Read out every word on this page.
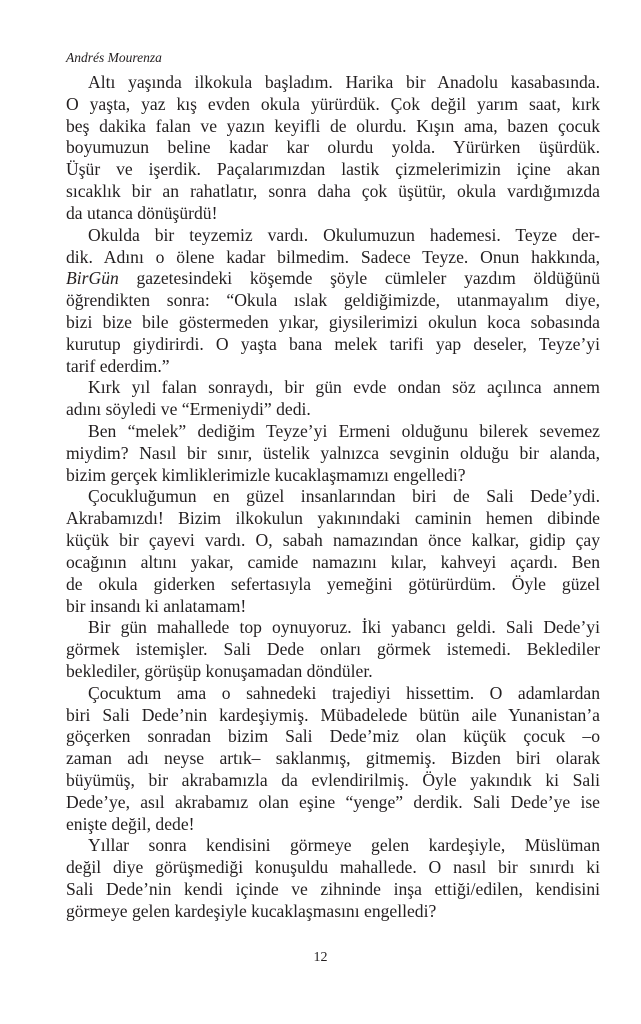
Andrés Mourenza
Altı yaşında ilkokula başladım. Harika bir Anadolu kasabasında.
O yaşta, yaz kış evden okula yürürdük. Çok değil yarım saat, kırk
beş dakika falan ve yazın keyifli de olurdu. Kışın ama, bazen çocuk
boyumuzun beline kadar kar olurdu yolda. Yürürken üşürdük.
Üşür ve işerdik. Paçalarımızdan lastik çizmelerimizin içine akan
sıcaklık bir an rahatlatır, sonra daha çok üşütür, okula vardığımızda
da utanca dönüşürdü!
Okulda bir teyzemiz vardı. Okulumuzun hademesi. Teyze der-
dik. Adını o ölene kadar bilmedim. Sadece Teyze. Onun hakkında,
BirGün gazetesindeki köşemde şöyle cümleler yazdım öldüğünü
öğrendikten sonra: “Okula ıslak geldiğimizde, utanmayalım diye,
bizi bize bile göstermeden yıkar, giysilerimizi okulun koca sobasında
kurutup giydirirdi. O yaşta bana melek tarifi yap deseler, Teyze’yi
tarif ederdim.”
Kırk yıl falan sonraydı, bir gün evde ondan söz açılınca annem
adını söyledi ve “Ermeniydi” dedi.
Ben “melek” dediğim Teyze’yi Ermeni olduğunu bilerek sevemez
miydim? Nasıl bir sınır, üstelik yalnızca sevginin olduğu bir alanda,
bizim gerçek kimliklerimizle kucaklaşmamızı engelledi?
Çocukluğumun en güzel insanlarından biri de Sali Dede’ydi.
Akrabamızdı! Bizim ilkokulun yakınındaki caminin hemen dibinde
küçük bir çayevi vardı. O, sabah namazından önce kalkar, gidip çay
ocağının altını yakar, camide namazını kılar, kahveyi açardı. Ben
de okula giderken sefertasıyla yemeğini götürürdüm. Öyle güzel
bir insandı ki anlatamam!
Bir gün mahallede top oynuyoruz. İki yabancı geldi. Sali Dede’yi
görmek istemişler. Sali Dede onları görmek istemedi. Beklediler
beklediler, görüşüp konuşamadan döndüler.
Çocuktum ama o sahnedeki trajediyi hissettim. O adamlardan
biri Sali Dede’nin kardeşiymiş. Mübadelede bütün aile Yunanistan’a
göçerken sonradan bizim Sali Dede’miz olan küçük çocuk –o
zaman adı neyse artık– saklanmış, gitmemiş. Bizden biri olarak
büyümüş, bir akrabamızla da evlendirilmiş. Öyle yakındık ki Sali
Dede’ye, asıl akrabamız olan eşine “yenge” derdik. Sali Dede’ye ise
enişte değil, dede!
Yıllar sonra kendisini görmeye gelen kardeşiyle, Müslüman
değil diye görüşmediği konuşuldu mahallede. O nasıl bir sınırdı ki
Sali Dede’nin kendi içinde ve zihninde inşa ettiği/edilen, kendisini
görmeye gelen kardeşiyle kucaklaşmasını engelledi?
12
